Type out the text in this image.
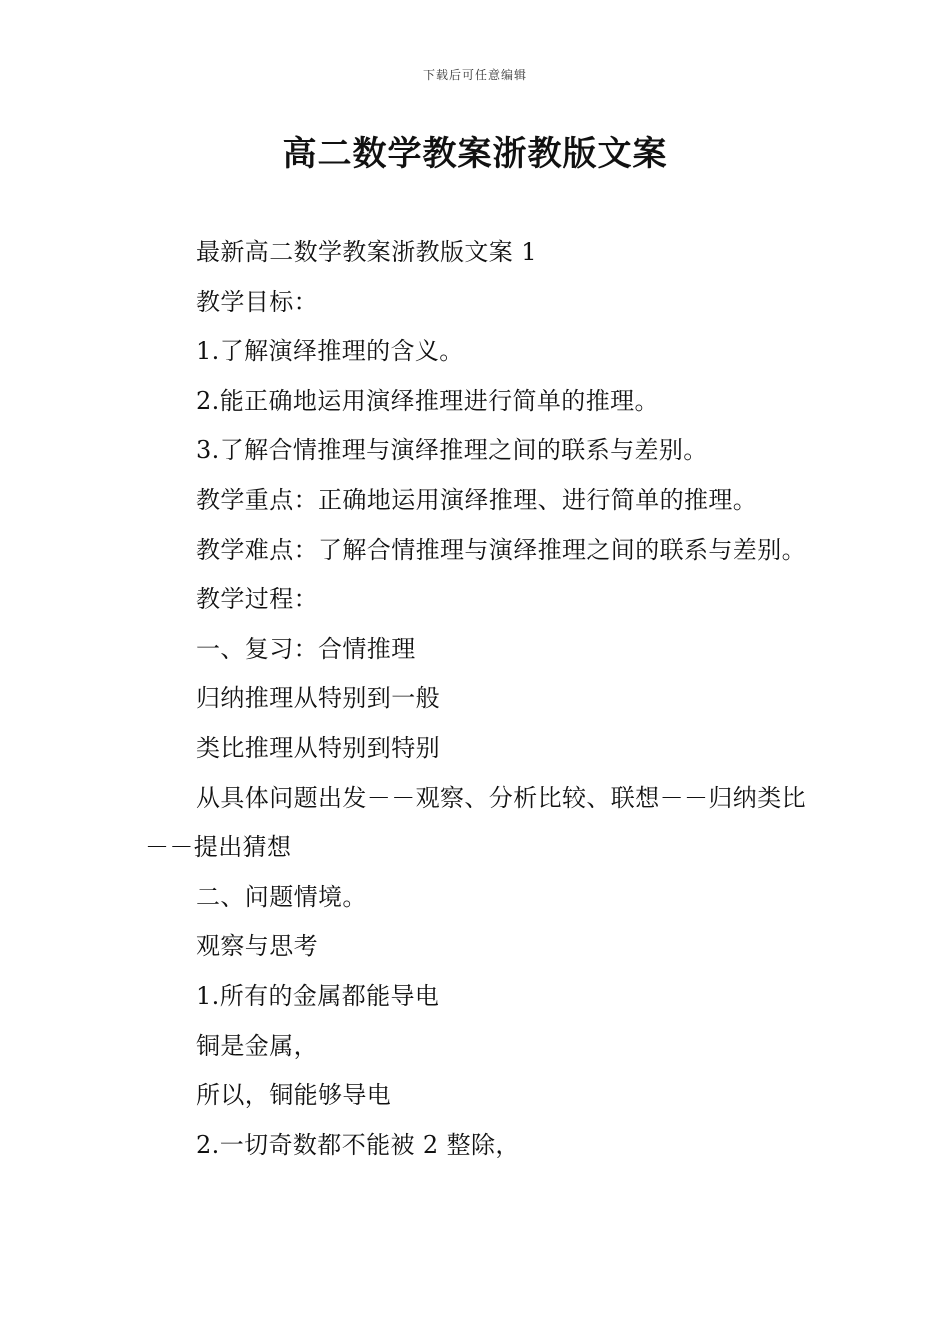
下载后可任意编辑
高二数学教案浙教版文案

最新高二数学教案浙教版文案 1

教学目标：

1.了解演绎推理的含义。

2.能正确地运用演绎推理进行简单的推理。

3.了解合情推理与演绎推理之间的联系与差别。

教学重点：正确地运用演绎推理、进行简单的推理。

教学难点：了解合情推理与演绎推理之间的联系与差别。

教学过程：

一、复习：合情推理

归纳推理从特别到一般

类比推理从特别到特别

从具体问题出发－－观察、分析比较、联想－－归纳类比－－提出猜想

二、问题情境。

观察与思考

1.所有的金属都能导电

铜是金属，

所以，铜能够导电

2.一切奇数都不能被 2 整除，
